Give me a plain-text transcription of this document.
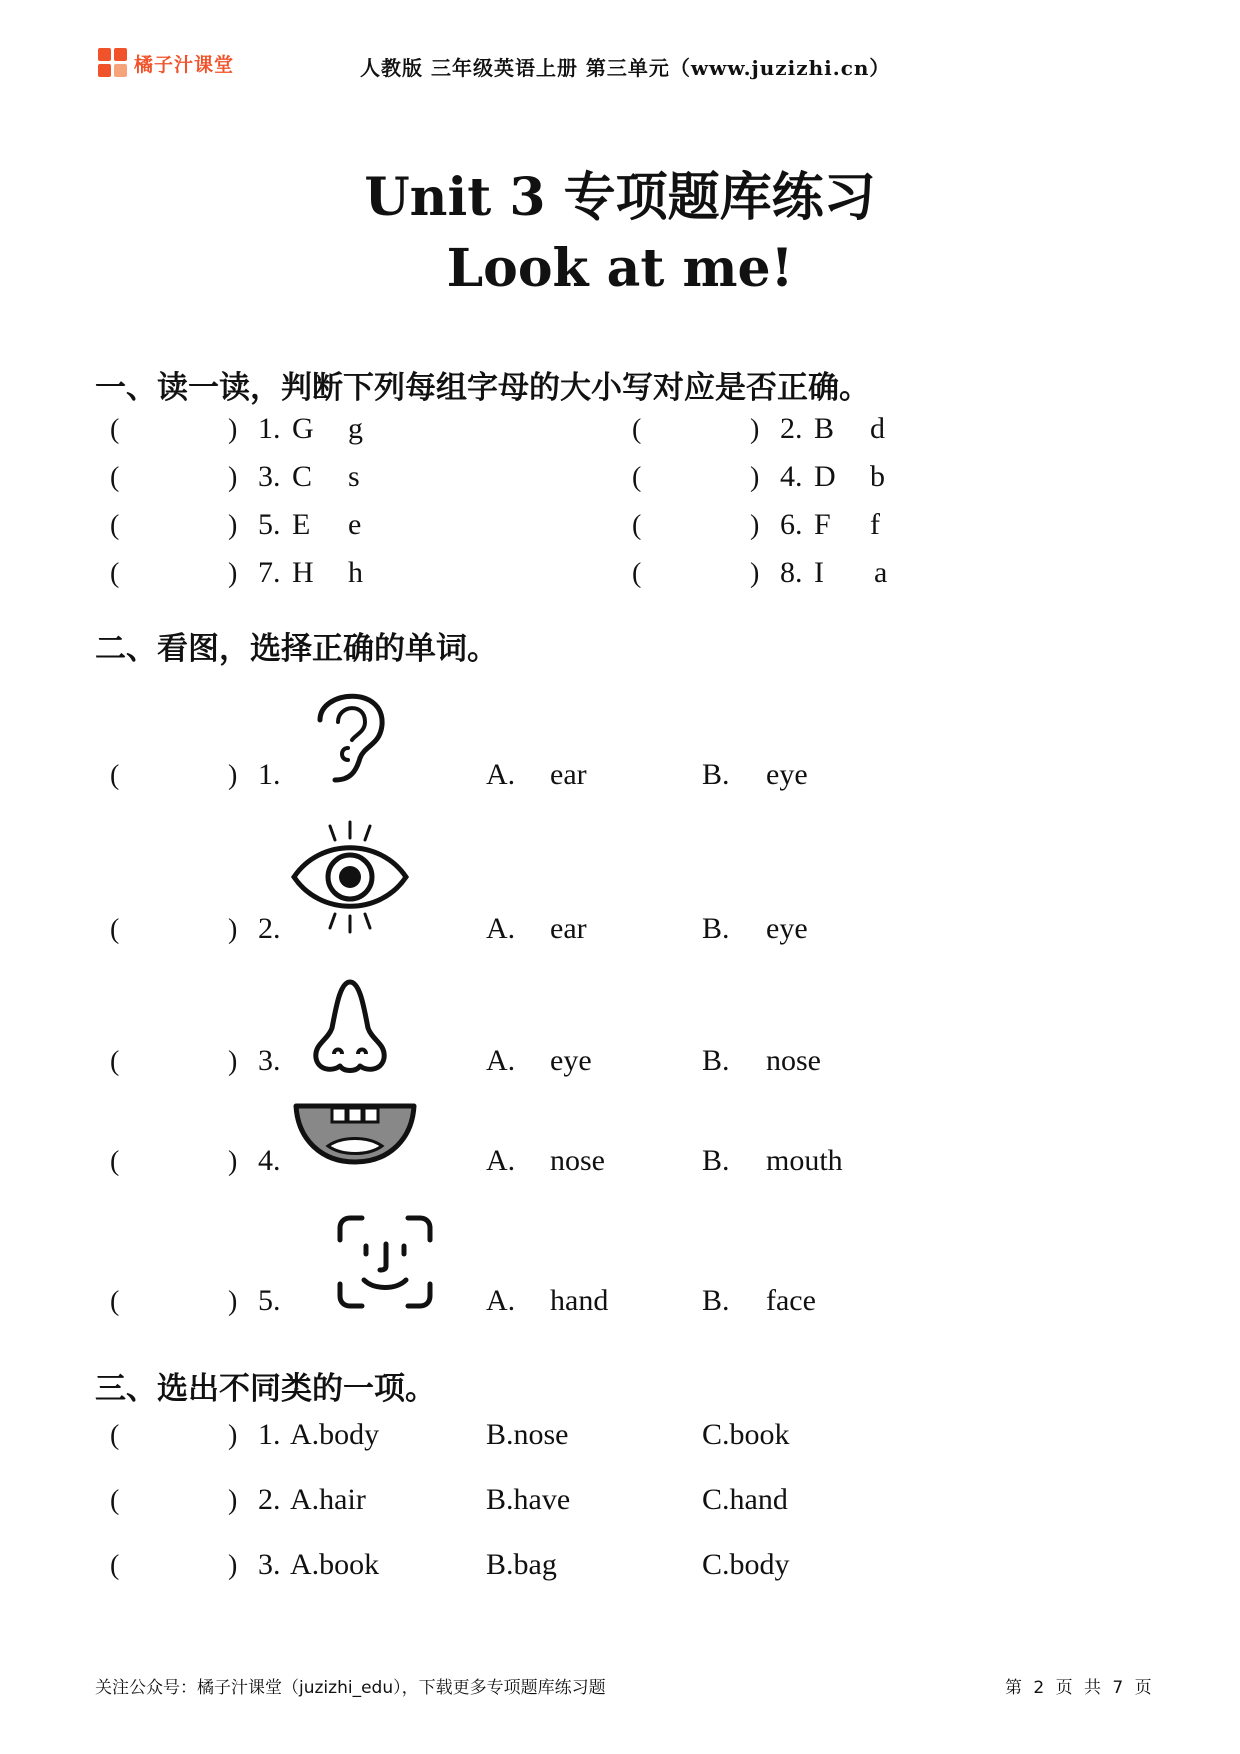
橘子汁课堂	人教版 三年级英语上册 第三单元（www.juzizhi.cn）
Unit 3 专项题库练习
Look at me!
一、读一读，判断下列每组字母的大小写对应是否正确。
(	) 1. G g	(	) 2. B d
(	) 3. C s	(	) 4. D b
(	) 5. E e	(	) 6. F f
(	) 7. H h	(	) 8. I a
二、看图，选择正确的单词。
(	) 1.	A. ear	B. eye
(	) 2.	A. ear	B. eye
(	) 3.	A. eye	B. nose
(	) 4.	A. nose	B. mouth
(	) 5.	A. hand	B. face
三、选出不同类的一项。
(	) 1. A.body	B.nose	C.book
(	) 2. A.hair	B.have	C.hand
(	) 3. A.book	B.bag	C.body
关注公众号：橘子汁课堂（juzizhi_edu），下载更多专项题库练习题	第 2 页 共 7 页
